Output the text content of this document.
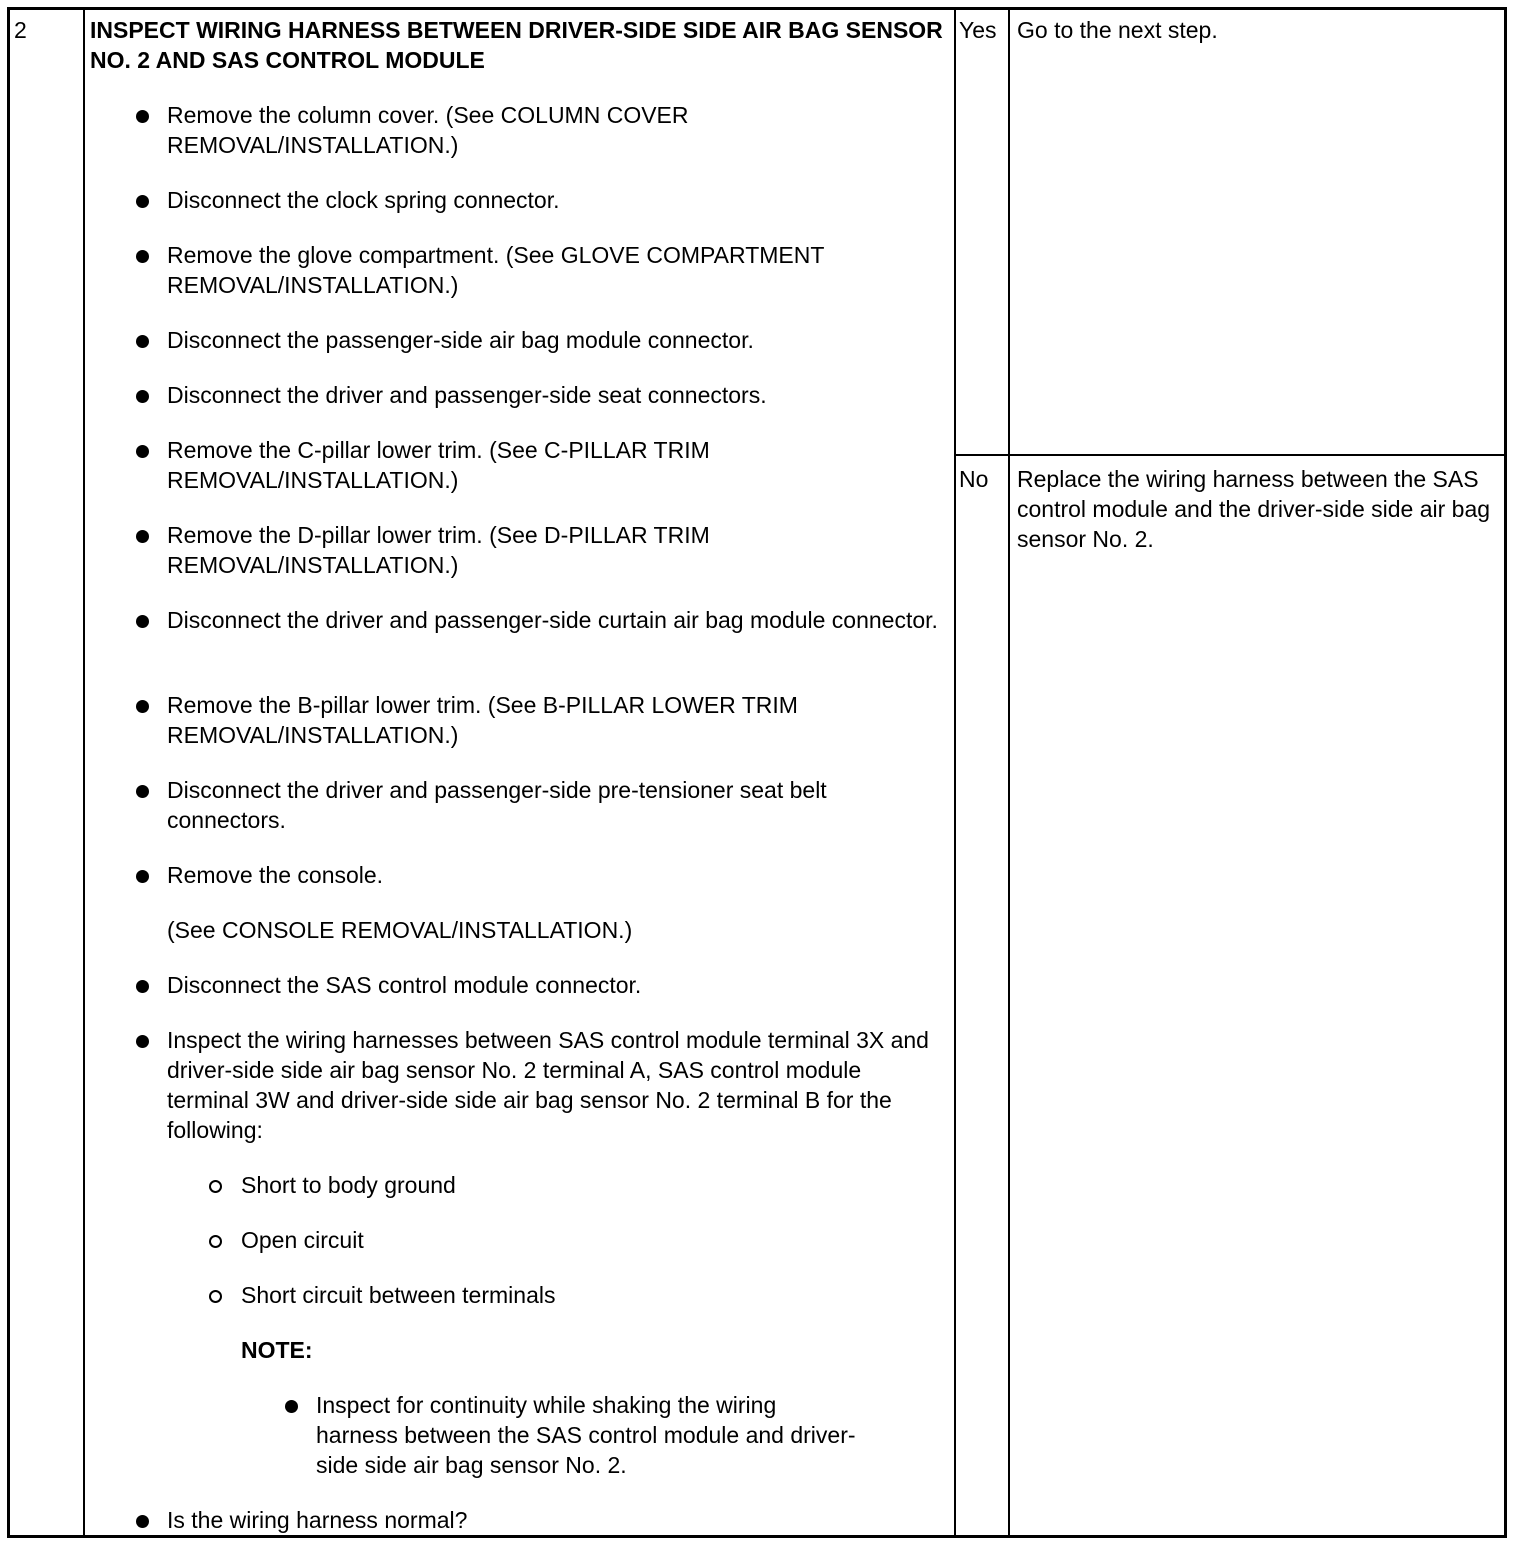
2	INSPECT WIRING HARNESS BETWEEN DRIVER-SIDE SIDE AIR BAG SENSOR NO. 2 AND SAS CONTROL MODULE
Remove the column cover. (See COLUMN COVER REMOVAL/INSTALLATION.)
Disconnect the clock spring connector.
Remove the glove compartment. (See GLOVE COMPARTMENT REMOVAL/INSTALLATION.)
Disconnect the passenger-side air bag module connector.
Disconnect the driver and passenger-side seat connectors.
Remove the C-pillar lower trim. (See C-PILLAR TRIM REMOVAL/INSTALLATION.)
Remove the D-pillar lower trim. (See D-PILLAR TRIM REMOVAL/INSTALLATION.)
Disconnect the driver and passenger-side curtain air bag module connector.
Remove the B-pillar lower trim. (See B-PILLAR LOWER TRIM REMOVAL/INSTALLATION.)
Disconnect the driver and passenger-side pre-tensioner seat belt connectors.
Remove the console.
(See CONSOLE REMOVAL/INSTALLATION.)
Disconnect the SAS control module connector.
Inspect the wiring harnesses between SAS control module terminal 3X and driver-side side air bag sensor No. 2 terminal A, SAS control module terminal 3W and driver-side side air bag sensor No. 2 terminal B for the following:
Short to body ground
Open circuit
Short circuit between terminals
NOTE:
Inspect for continuity while shaking the wiring harness between the SAS control module and driver-side side air bag sensor No. 2.
Is the wiring harness normal?
Yes Go to the next step.
No Replace the wiring harness between the SAS control module and the driver-side side air bag sensor No. 2.
